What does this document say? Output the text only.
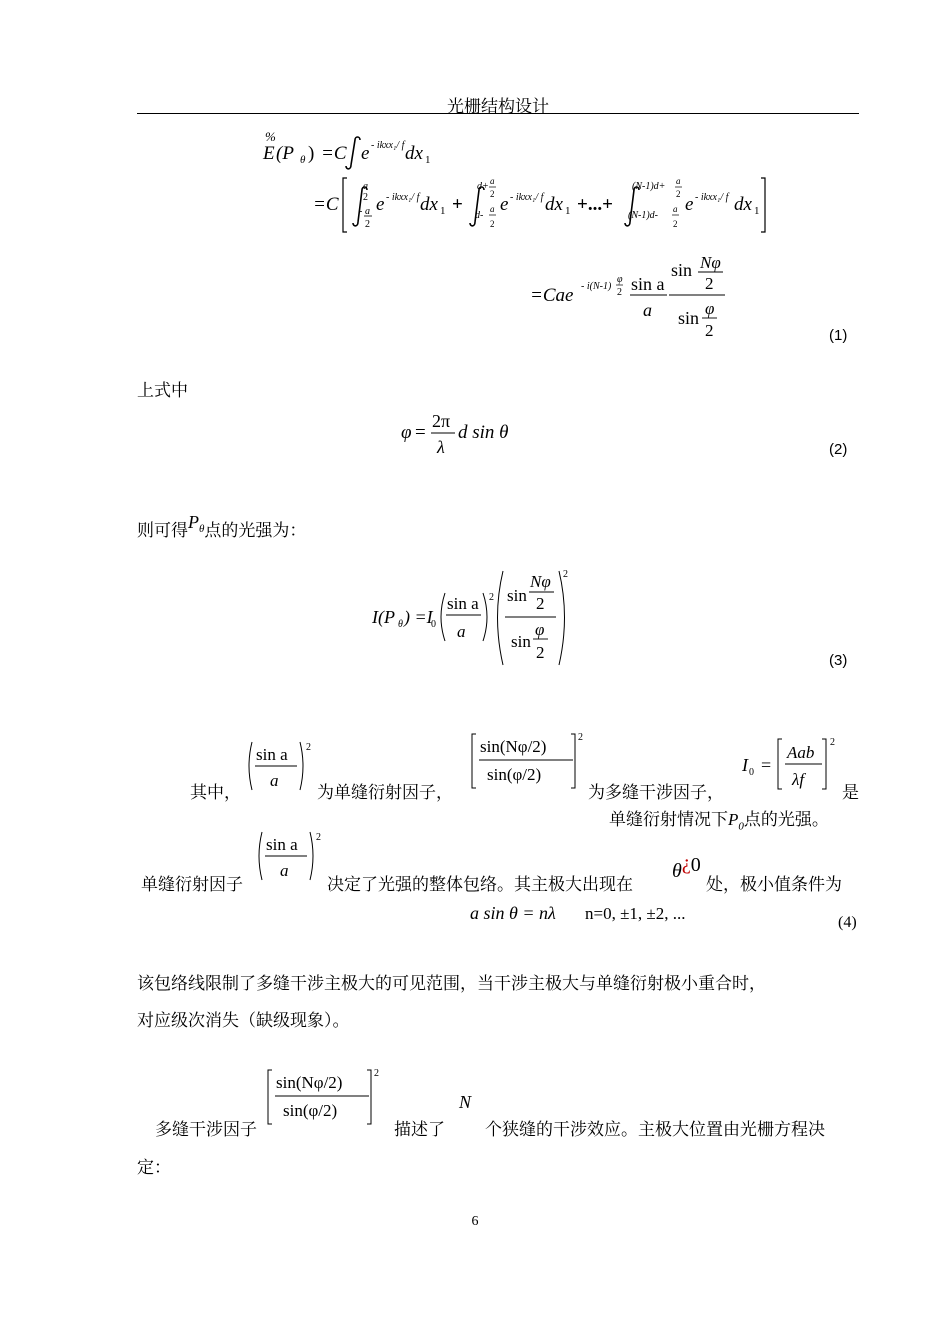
光栅结构设计
%
E (P θ ) =C e - ikxx₁/ f dx 1
=C
a
2
- a
2
e - ikxx₁/ f dx 1 +
d+ a
2
d-
a
2
e - ikxx₁/ f dx 1 +...+
(N-1)d+ a
2
(N-1)d-
a
2
e - ikxx₁/ f dx 1
=Cae - i(N-1)
φ
2 sin a
a
sin Nφ
2
sin φ
2	(1)
上式中
φ =
2π
λ
d sin θ
(2)
则可得$P_\theta$点的光强为：
I(P θ ) =I
0
sin a
a
2 sin
Nφ
2
sin
φ
2
2
(3)
其中，
sin a
a
2
为单缝衍射因子，
sin(Nφ/2)
sin(φ/2)
2
为多缝干涉因子，
I 0 =
Aab
λf
2
是
单缝衍射情况下$P_0$点的光强。
单缝衍射因子
sin a
a
2
决定了光强的整体包络。其主极大出现在
θ¿0
处，极小值条件为
a sin θ = nλ n=0, ±1, ±2, ...	(4)
该包络线限制了多缝干涉主极大的可见范围，当干涉主极大与单缝衍射极小重合时，
对应级次消失（缺级现象）。
多缝干涉因子
sin(Nφ/2)
sin(φ/2)
2
描述了
N
个狭缝的干涉效应。主极大位置由光栅方程决
定：
6
